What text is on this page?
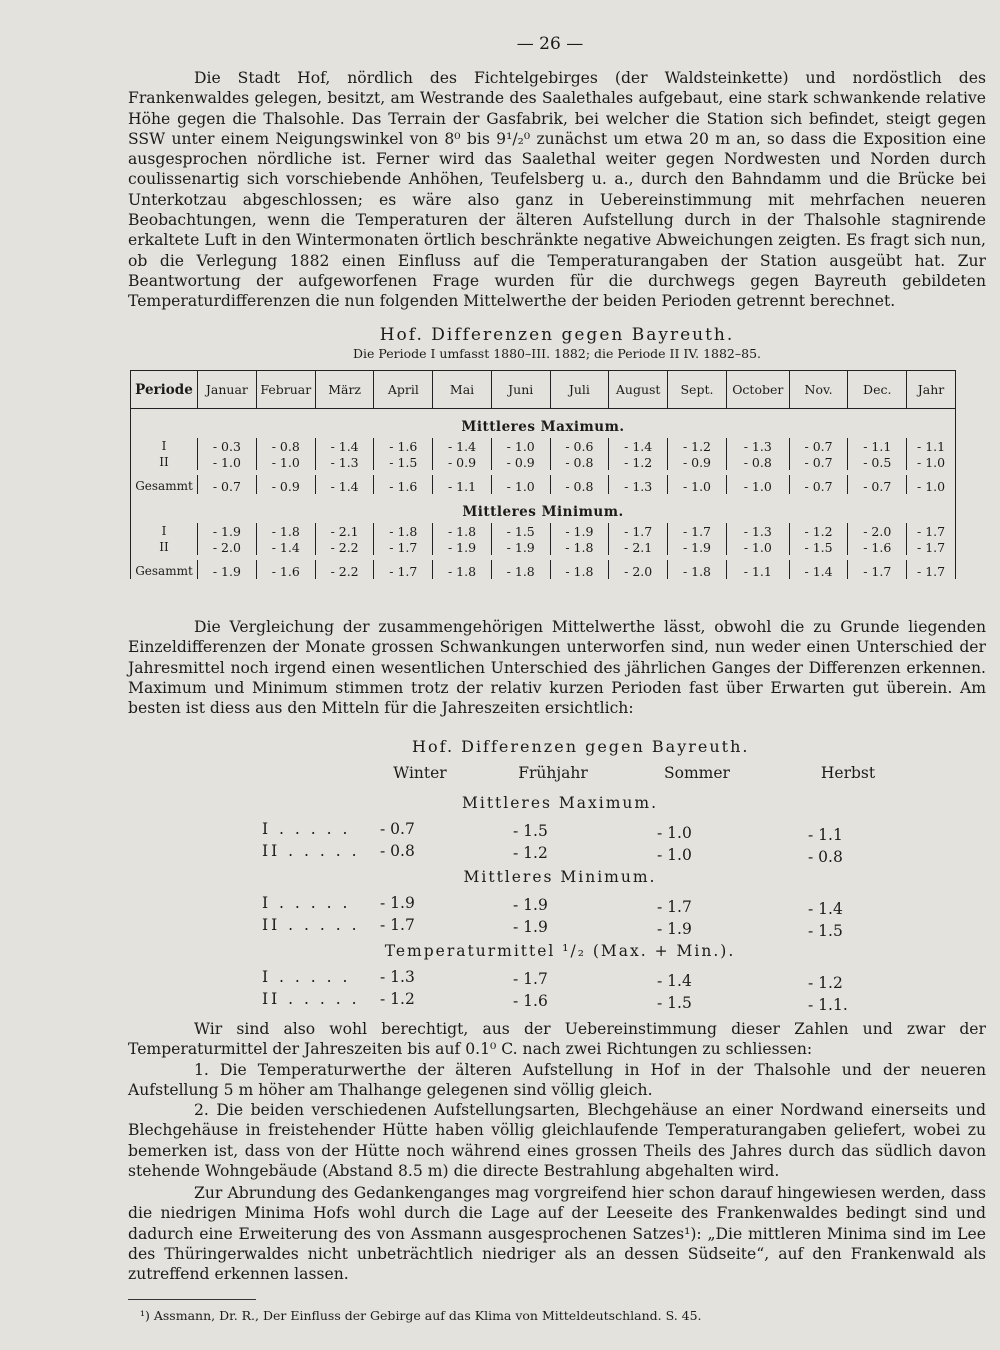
— 26 —
Die Stadt Hof, nördlich des Fichtelgebirges (der Waldsteinkette) und nordöstlich des Frankenwaldes gelegen, besitzt, am Westrande des Saalethales aufgebaut, eine stark schwankende relative Höhe gegen die Thalsohle. Das Terrain der Gasfabrik, bei welcher die Station sich befindet, steigt gegen SSW unter einem Neigungswinkel von 8⁰ bis 9¹/₂⁰ zunächst um etwa 20 m an, so dass die Exposition eine ausgesprochen nördliche ist. Ferner wird das Saalethal weiter gegen Nordwesten und Norden durch coulissenartig sich vorschiebende Anhöhen, Teufelsberg u. a., durch den Bahndamm und die Brücke bei Unterkotzau abgeschlossen; es wäre also ganz in Uebereinstimmung mit mehrfachen neueren Beobachtungen, wenn die Temperaturen der älteren Aufstellung durch in der Thalsohle stagnirende erkaltete Luft in den Wintermonaten örtlich beschränkte negative Abweichungen zeigten. Es fragt sich nun, ob die Verlegung 1882 einen Einfluss auf die Temperaturangaben der Station ausgeübt hat. Zur Beantwortung der aufgeworfenen Frage wurden für die durchwegs gegen Bayreuth gebildeten Temperaturdifferenzen die nun folgenden Mittelwerthe der beiden Perioden getrennt berechnet.
Hof. Differenzen gegen Bayreuth.
Die Periode I umfasst 1880–III. 1882; die Periode II IV. 1882–85.
Periode	Januar	Februar	März	April	Mai	Juni	Juli	August	Sept.	October	Nov.	Dec.	Jahr
Mittleres Maximum.													
I	- 0.3	- 0.8	- 1.4	- 1.6	- 1.4	- 1.0	- 0.6	- 1.4	- 1.2	- 1.3	- 0.7	- 1.1	- 1.1
II	- 1.0	- 1.0	- 1.3	- 1.5	- 0.9	- 0.9	- 0.8	- 1.2	- 0.9	- 0.8	- 0.7	- 0.5	- 1.0

Gesammt	- 0.7	- 0.9	- 1.4	- 1.6	- 1.1	- 1.0	- 0.8	- 1.3	- 1.0	- 1.0	- 0.7	- 0.7	- 1.0
Mittleres Minimum.													
I	- 1.9	- 1.8	- 2.1	- 1.8	- 1.8	- 1.5	- 1.9	- 1.7	- 1.7	- 1.3	- 1.2	- 2.0	- 1.7
II	- 2.0	- 1.4	- 2.2	- 1.7	- 1.9	- 1.9	- 1.8	- 2.1	- 1.9	- 1.0	- 1.5	- 1.6	- 1.7

Gesammt	- 1.9	- 1.6	- 2.2	- 1.7	- 1.8	- 1.8	- 1.8	- 2.0	- 1.8	- 1.1	- 1.4	- 1.7	- 1.7
Die Vergleichung der zusammengehörigen Mittelwerthe lässt, obwohl die zu Grunde liegenden Einzeldifferenzen der Monate grossen Schwankungen unterworfen sind, nun weder einen Unterschied der Jahresmittel noch irgend einen wesentlichen Unterschied des jährlichen Ganges der Differenzen erkennen. Maximum und Minimum stimmen trotz der relativ kurzen Perioden fast über Erwarten gut überein. Am besten ist diess aus den Mitteln für die Jahreszeiten ersichtlich:
Hof. Differenzen gegen Bayreuth.
Winter	Frühjahr	Sommer	Herbst
Mittleres Maximum.
I . . . . . - 0.7	- 1.5	- 1.0	- 1.1
II . . . . . - 0.8	- 1.2	- 1.0	- 0.8
Mittleres Minimum.
I . . . . . - 1.9	- 1.9	- 1.7	- 1.4
II . . . . . - 1.7	- 1.9	- 1.9	- 1.5
Temperaturmittel ¹/₂ (Max. + Min.).
I . . . . . - 1.3	- 1.7	- 1.4	- 1.2
II . . . . . - 1.2	- 1.6	- 1.5	- 1.1.
Wir sind also wohl berechtigt, aus der Uebereinstimmung dieser Zahlen und zwar der Temperaturmittel der Jahreszeiten bis auf 0.1⁰ C. nach zwei Richtungen zu schliessen:
1. Die Temperaturwerthe der älteren Aufstellung in Hof in der Thalsohle und der neueren Aufstellung 5 m höher am Thalhange gelegenen sind völlig gleich.
2. Die beiden verschiedenen Aufstellungsarten, Blechgehäuse an einer Nordwand einerseits und Blechgehäuse in freistehender Hütte haben völlig gleichlaufende Temperaturangaben geliefert, wobei zu bemerken ist, dass von der Hütte noch während eines grossen Theils des Jahres durch das südlich davon stehende Wohngebäude (Abstand 8.5 m) die directe Bestrahlung abgehalten wird.
Zur Abrundung des Gedankenganges mag vorgreifend hier schon darauf hingewiesen werden, dass die niedrigen Minima Hofs wohl durch die Lage auf der Leeseite des Frankenwaldes bedingt sind und dadurch eine Erweiterung des von Assmann ausgesprochenen Satzes¹): „Die mittleren Minima sind im Lee des Thüringerwaldes nicht unbeträchtlich niedriger als an dessen Südseite“, auf den Frankenwald als zutreffend erkennen lassen.
¹) Assmann, Dr. R., Der Einfluss der Gebirge auf das Klima von Mitteldeutschland. S. 45.
